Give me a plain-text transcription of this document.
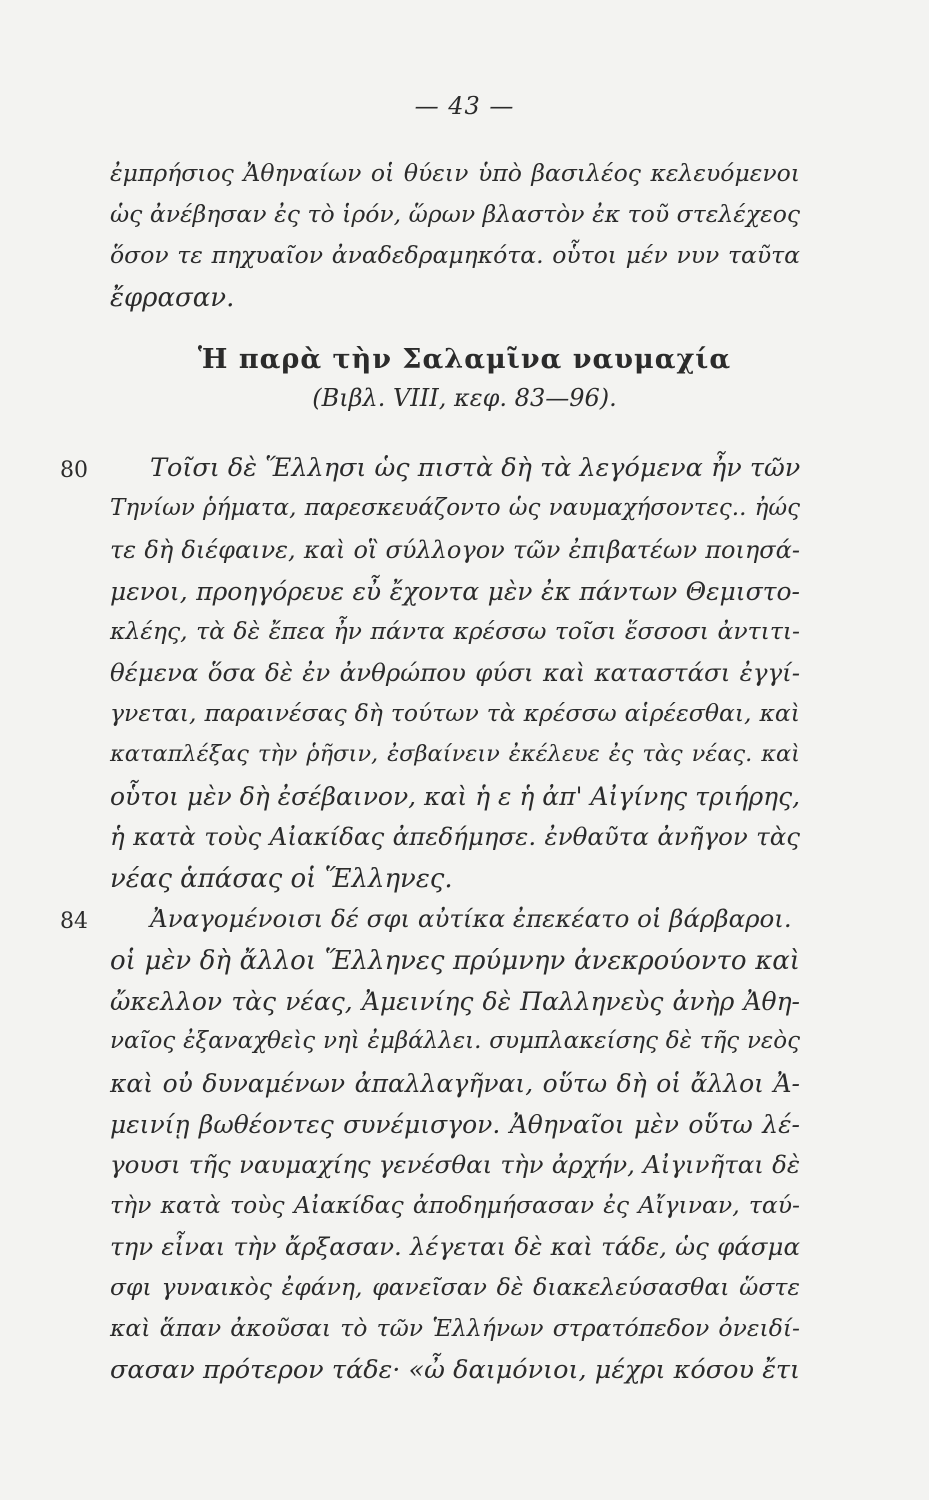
— 43 —
ἐμπρήσιος Ἀθηναίων οἱ θύειν ὑπὸ βασιλέος κελευόμενοι
ὡς ἀνέβησαν ἐς τὸ ἱρόν, ὥρων βλαστὸν ἐκ τοῦ στελέχεος
ὅσον τε πηχυαῖον ἀναδεδραμηκότα. οὗτοι μέν νυν ταῦτα
ἔφρασαν.
Ἡ παρὰ τὴν Σαλαμῖνα ναυμαχία
(Βιβλ. VIII, κεφ. 83—96).
80 Τοῖσι δὲ Ἕλλησι ὡς πιστὰ δὴ τὰ λεγόμενα ἦν τῶν
Τηνίων ῥήματα, παρεσκευάζοντο ὡς ναυμαχήσοντες.. ἠώς
τε δὴ διέφαινε, καὶ οἳ σύλλογον τῶν ἐπιβατέων ποιησά-
μενοι, προηγόρευε εὖ ἔχοντα μὲν ἐκ πάντων Θεμιστο-
κλέης, τὰ δὲ ἔπεα ἦν πάντα κρέσσω τοῖσι ἕσσοσι ἀντιτι-
θέμενα ὅσα δὲ ἐν ἀνθρώπου φύσι καὶ καταστάσι ἐγγί-
γνεται, παραινέσας δὴ τούτων τὰ κρέσσω αἱρέεσθαι, καὶ
καταπλέξας τὴν ῥῆσιν, ἐσβαίνειν ἐκέλευε ἐς τὰς νέας. καὶ
οὗτοι μὲν δὴ ἐσέβαινον, καὶ ἡ ε ἡ ἀπ' Αἰγίνης τριήρης,
ἡ κατὰ τοὺς Αἰακίδας ἀπεδήμησε. ἐνθαῦτα ἀνῆγον τὰς
νέας ἁπάσας οἱ Ἕλληνες.
84	Ἀναγομένοισι δέ σφι αὐτίκα ἐπεκέατο οἱ βάρβαροι.
οἱ μὲν δὴ ἄλλοι Ἕλληνες πρύμνην ἀνεκρούοντο καὶ
ὤκελλον τὰς νέας, Ἀμεινίης δὲ Παλληνεὺς ἀνὴρ Ἀθη-
ναῖος ἐξαναχθεὶς νηὶ ἐμβάλλει. συμπλακείσης δὲ τῆς νεὸς
καὶ οὐ δυναμένων ἀπαλλαγῆναι, οὕτω δὴ οἱ ἄλλοι Ἀ-
μεινίῃ βωθέοντες συνέμισγον. Ἀθηναῖοι μὲν οὕτω λέ-
γουσι τῆς ναυμαχίης γενέσθαι τὴν ἀρχήν, Αἰγινῆται δὲ
τὴν κατὰ τοὺς Αἰακίδας ἀποδημήσασαν ἐς Αἴγιναν, ταύ-
την εἶναι τὴν ἄρξασαν. λέγεται δὲ καὶ τάδε, ὡς φάσμα
σφι γυναικὸς ἐφάνη, φανεῖσαν δὲ διακελεύσασθαι ὥστε
καὶ ἅπαν ἀκοῦσαι τὸ τῶν Ἑλλήνων στρατόπεδον ὀνειδί-
σασαν πρότερον τάδε· «ὦ δαιμόνιοι, μέχρι κόσου ἔτι
